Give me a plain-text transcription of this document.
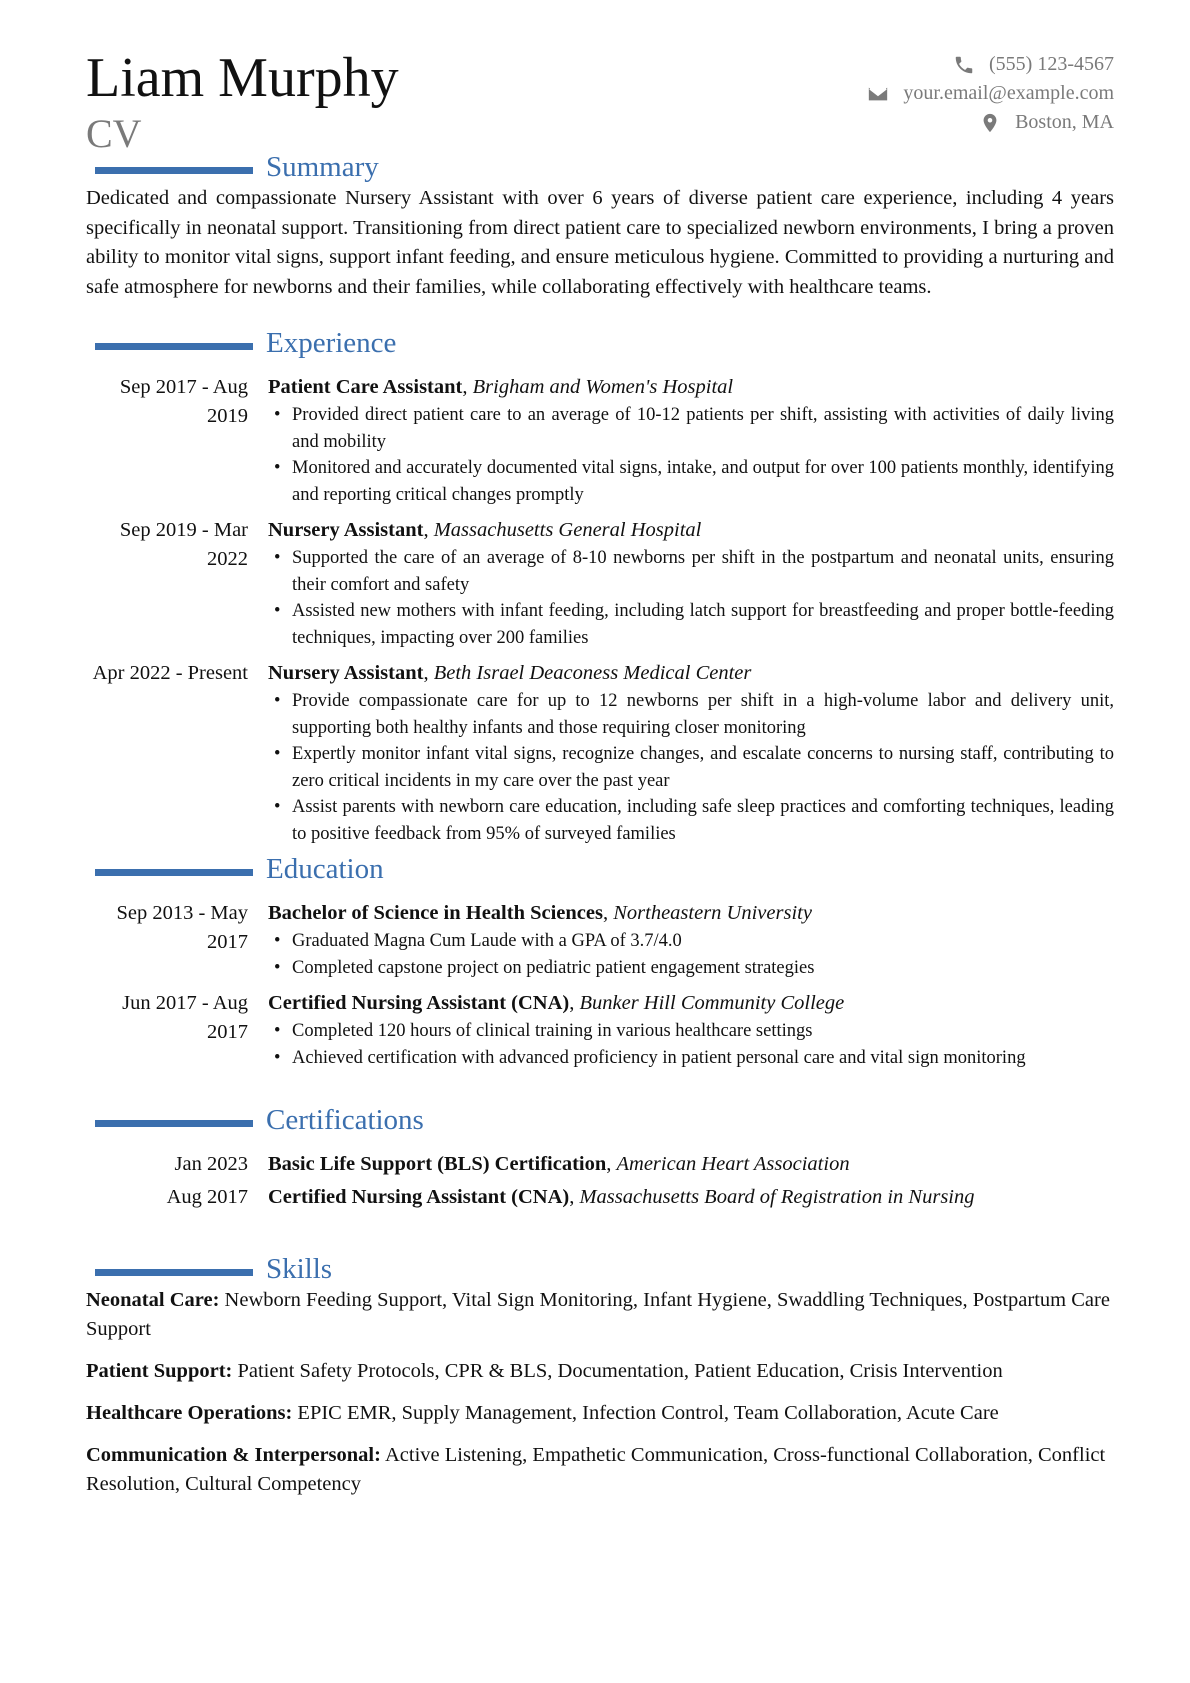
Liam Murphy
CV
(555) 123-4567
your.email@example.com
Boston, MA
Summary
Dedicated and compassionate Nursery Assistant with over 6 years of diverse patient care experience, including 4 years specifically in neonatal support. Transitioning from direct patient care to specialized newborn environments, I bring a proven ability to monitor vital signs, support infant feeding, and ensure meticulous hygiene. Committed to providing a nurturing and safe atmosphere for newborns and their families, while collaborating effectively with healthcare teams.
Experience
Sep 2017 - Aug 2019
Patient Care Assistant, Brigham and Women's Hospital
• Provided direct patient care to an average of 10-12 patients per shift, assisting with activities of daily living and mobility
• Monitored and accurately documented vital signs, intake, and output for over 100 patients monthly, identifying and reporting critical changes promptly
Sep 2019 - Mar 2022
Nursery Assistant, Massachusetts General Hospital
• Supported the care of an average of 8-10 newborns per shift in the postpartum and neonatal units, ensuring their comfort and safety
• Assisted new mothers with infant feeding, including latch support for breastfeeding and proper bottle-feeding techniques, impacting over 200 families
Apr 2022 - Present Nursery Assistant, Beth Israel Deaconess Medical Center
• Provide compassionate care for up to 12 newborns per shift in a high-volume labor and delivery unit, supporting both healthy infants and those requiring closer monitoring
• Expertly monitor infant vital signs, recognize changes, and escalate concerns to nursing staff, contributing to zero critical incidents in my care over the past year
• Assist parents with newborn care education, including safe sleep practices and comforting techniques, leading to positive feedback from 95% of surveyed families
Education
Sep 2013 - May 2017
Bachelor of Science in Health Sciences, Northeastern University
• Graduated Magna Cum Laude with a GPA of 3.7/4.0
• Completed capstone project on pediatric patient engagement strategies
Jun 2017 - Aug 2017
Certified Nursing Assistant (CNA), Bunker Hill Community College
• Completed 120 hours of clinical training in various healthcare settings
• Achieved certification with advanced proficiency in patient personal care and vital sign monitoring
Certifications
Jan 2023 Basic Life Support (BLS) Certification, American Heart Association
Aug 2017 Certified Nursing Assistant (CNA), Massachusetts Board of Registration in Nursing
Skills
Neonatal Care: Newborn Feeding Support, Vital Sign Monitoring, Infant Hygiene, Swaddling Techniques, Postpartum Care Support
Patient Support: Patient Safety Protocols, CPR & BLS, Documentation, Patient Education, Crisis Intervention
Healthcare Operations: EPIC EMR, Supply Management, Infection Control, Team Collaboration, Acute Care
Communication & Interpersonal: Active Listening, Empathetic Communication, Cross-functional Collaboration, Conflict Resolution, Cultural Competency
